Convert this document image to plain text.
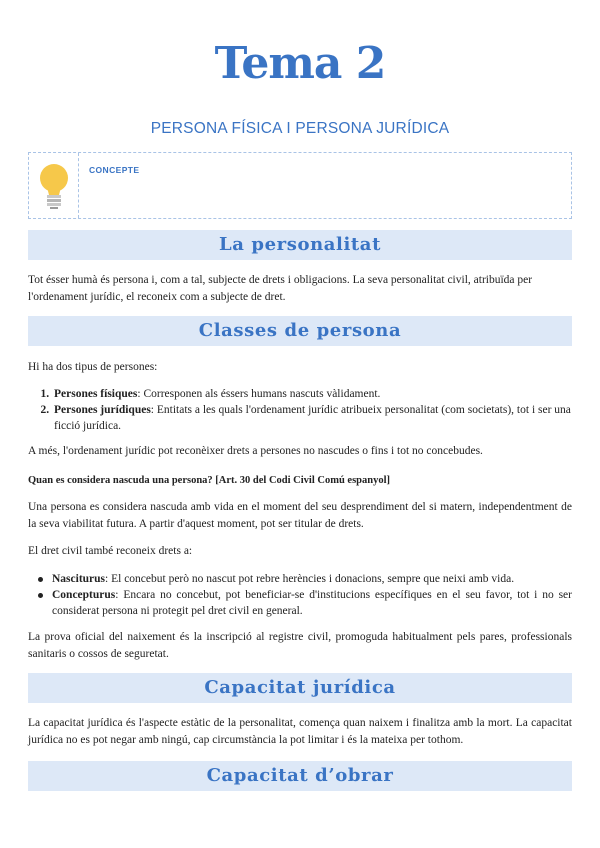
Tema 2
PERSONA FÍSICA I PERSONA JURÍDICA
CONCEPTE
La personalitat
Tot ésser humà és persona i, com a tal, subjecte de drets i obligacions. La seva personalitat civil, atribuïda per l'ordenament jurídic, el reconeix com a subjecte de dret.
Classes de persona
Hi ha dos tipus de persones:
1. Persones físiques: Corresponen als éssers humans nascuts vàlidament.
2. Persones jurídiques: Entitats a les quals l'ordenament jurídic atribueix personalitat (com societats), tot i ser una ficció jurídica.
A més, l'ordenament jurídic pot reconèixer drets a persones no nascudes o fins i tot no concebudes.
Quan es considera nascuda una persona? [Art. 30 del Codi Civil Comú espanyol]
Una persona es considera nascuda amb vida en el moment del seu desprendiment del si matern, independentment de la seva viabilitat futura. A partir d'aquest moment, pot ser titular de drets.
El dret civil també reconeix drets a:
Nasciturus: El concebut però no nascut pot rebre herències i donacions, sempre que neixi amb vida.
Concepturus: Encara no concebut, pot beneficiar-se d'institucions específiques en el seu favor, tot i no ser considerat persona ni protegit pel dret civil en general.
La prova oficial del naixement és la inscripció al registre civil, promoguda habitualment pels pares, professionals sanitaris o cossos de seguretat.
Capacitat jurídica
La capacitat jurídica és l'aspecte estàtic de la personalitat, comença quan naixem i finalitza amb la mort. La capacitat jurídica no es pot negar amb ningú, cap circumstància la pot limitar i és la mateixa per tothom.
Capacitat d’obrar
